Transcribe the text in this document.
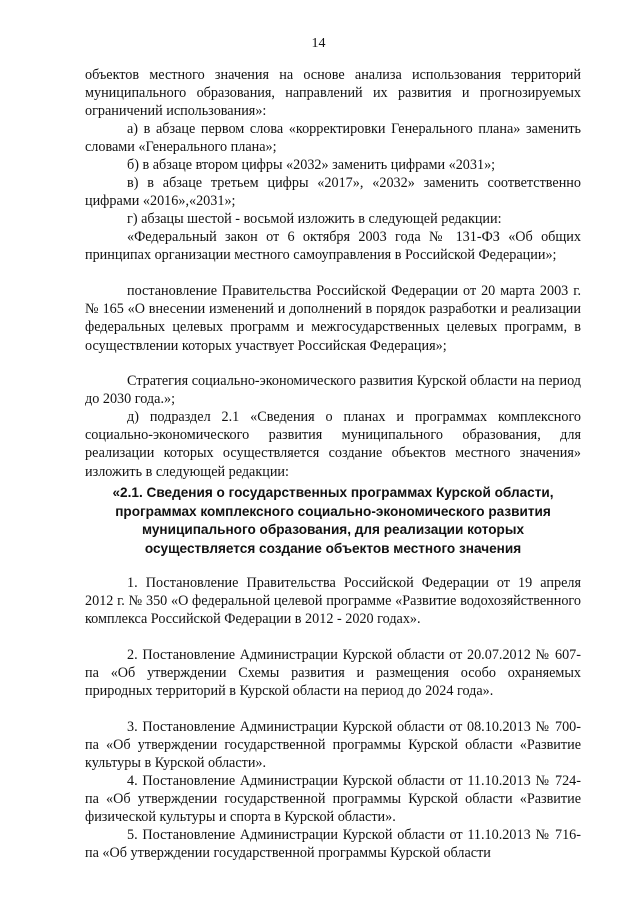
14

объектов местного значения на основе анализа использования территорий муниципального образования, направлений их развития и прогнозируемых ограничений использования»:

а) в абзаце первом слова «корректировки Генерального плана» заменить словами «Генерального плана»;

б) в абзаце втором цифры «2032» заменить цифрами «2031»;

в) в абзаце третьем цифры «2017», «2032» заменить соответственно цифрами «2016»,«2031»;

г) абзацы шестой - восьмой изложить в следующей редакции:

«Федеральный закон от 6 октября 2003 года № 131-ФЗ «Об общих принципах организации местного самоуправления в Российской Федерации»;

постановление Правительства Российской Федерации от 20 марта 2003 г. № 165 «О внесении изменений и дополнений в порядок разработки и реализации федеральных целевых программ и межгосударственных целевых программ, в осуществлении которых участвует Российская Федерация»;

Стратегия социально-экономического развития Курской области на период до 2030 года.»;

д) подраздел 2.1 «Сведения о планах и программах комплексного социально-экономического развития муниципального образования, для реализации которых осуществляется создание объектов местного значения» изложить в следующей редакции:

«2.1. Сведения о государственных программах Курской области, программах комплексного социально-экономического развития муниципального образования, для реализации которых осуществляется создание объектов местного значения

1. Постановление Правительства Российской Федерации от 19 апреля 2012 г. № 350 «О федеральной целевой программе «Развитие водохозяйственного комплекса Российской Федерации в 2012 - 2020 годах».

2. Постановление Администрации Курской области от 20.07.2012 № 607-па «Об утверждении Схемы развития и размещения особо охраняемых природных территорий в Курской области на период до 2024 года».

3. Постановление Администрации Курской области от 08.10.2013 № 700-па «Об утверждении государственной программы Курской области «Развитие культуры в Курской области».

4. Постановление Администрации Курской области от 11.10.2013 № 724-па «Об утверждении государственной программы Курской области «Развитие физической культуры и спорта в Курской области».

5. Постановление Администрации Курской области от 11.10.2013 № 716-па «Об утверждении государственной программы Курской области
